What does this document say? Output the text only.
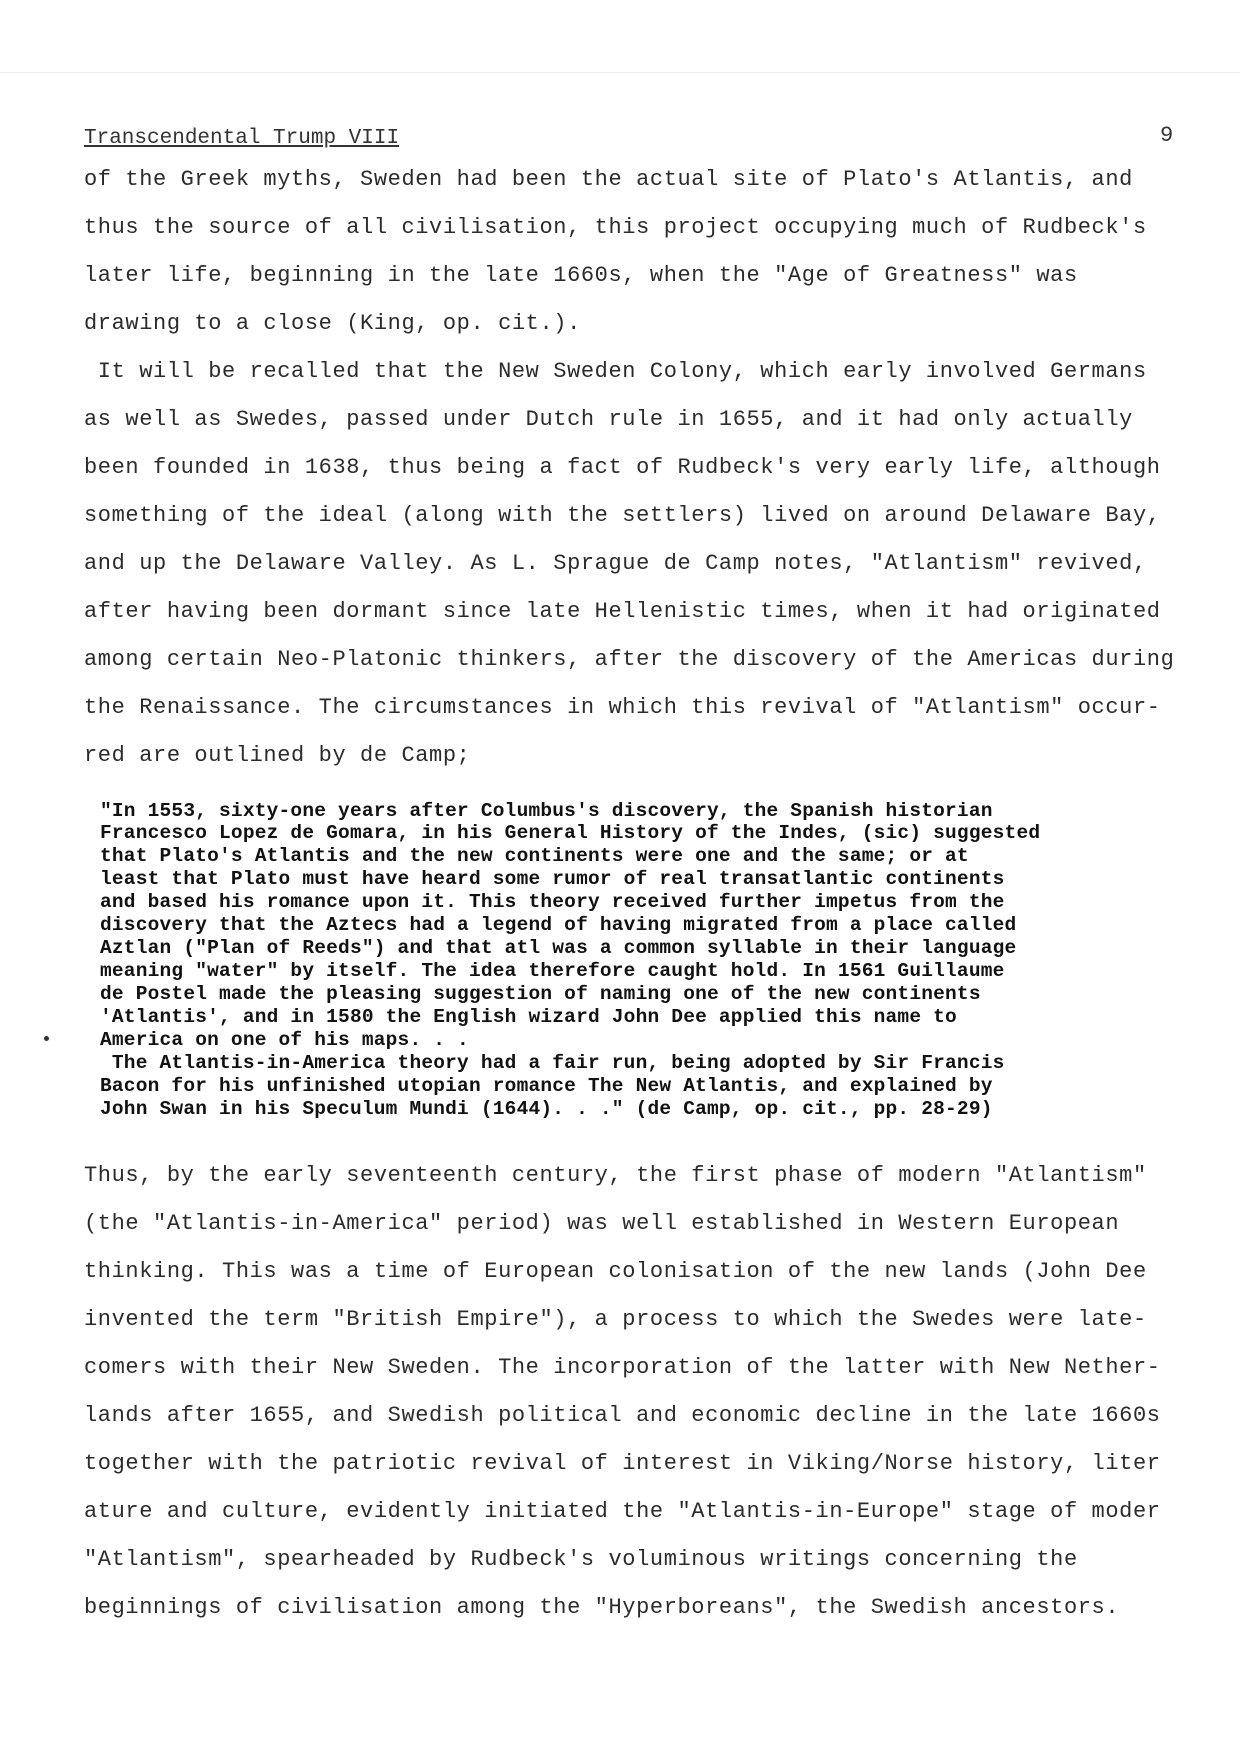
Transcendental Trump VIII	9
of the Greek myths, Sweden had been the actual site of Plato's Atlantis, and
thus the source of all civilisation, this project occupying much of Rudbeck's
later life, beginning in the late 1660s, when the "Age of Greatness" was
drawing to a close (King, op. cit.).
It will be recalled that the New Sweden Colony, which early involved Germans
as well as Swedes, passed under Dutch rule in 1655, and it had only actually
been founded in 1638, thus being a fact of Rudbeck's very early life, although
something of the ideal (along with the settlers) lived on around Delaware Bay,
and up the Delaware Valley. As L. Sprague de Camp notes, "Atlantism" revived,
after having been dormant since late Hellenistic times, when it had originated
among certain Neo-Platonic thinkers, after the discovery of the Americas during
the Renaissance. The circumstances in which this revival of "Atlantism" occur-
red are outlined by de Camp;
"In 1553, sixty-one years after Columbus's discovery, the Spanish historian
Francesco Lopez de Gomara, in his General History of the Indes, (sic) suggested
that Plato's Atlantis and the new continents were one and the same; or at
least that Plato must have heard some rumor of real transatlantic continents
and based his romance upon it. This theory received further impetus from the
discovery that the Aztecs had a legend of having migrated from a place called
Aztlan ("Plan of Reeds") and that atl was a common syllable in their language
meaning "water" by itself. The idea therefore caught hold. In 1561 Guillaume
de Postel made the pleasing suggestion of naming one of the new continents
'Atlantis', and in 1580 the English wizard John Dee applied this name to
America on one of his maps. . .
The Atlantis-in-America theory had a fair run, being adopted by Sir Francis
Bacon for his unfinished utopian romance The New Atlantis, and explained by
John Swan in his Speculum Mundi (1644). . ." (de Camp, op. cit., pp. 28-29)
Thus, by the early seventeenth century, the first phase of modern "Atlantism"
(the "Atlantis-in-America" period) was well established in Western European
thinking. This was a time of European colonisation of the new lands (John Dee
invented the term "British Empire"), a process to which the Swedes were late-
comers with their New Sweden. The incorporation of the latter with New Nether-
lands after 1655, and Swedish political and economic decline in the late 1660s
together with the patriotic revival of interest in Viking/Norse history, liter
ature and culture, evidently initiated the "Atlantis-in-Europe" stage of moder
"Atlantism", spearheaded by Rudbeck's voluminous writings concerning the
beginnings of civilisation among the "Hyperboreans", the Swedish ancestors.
